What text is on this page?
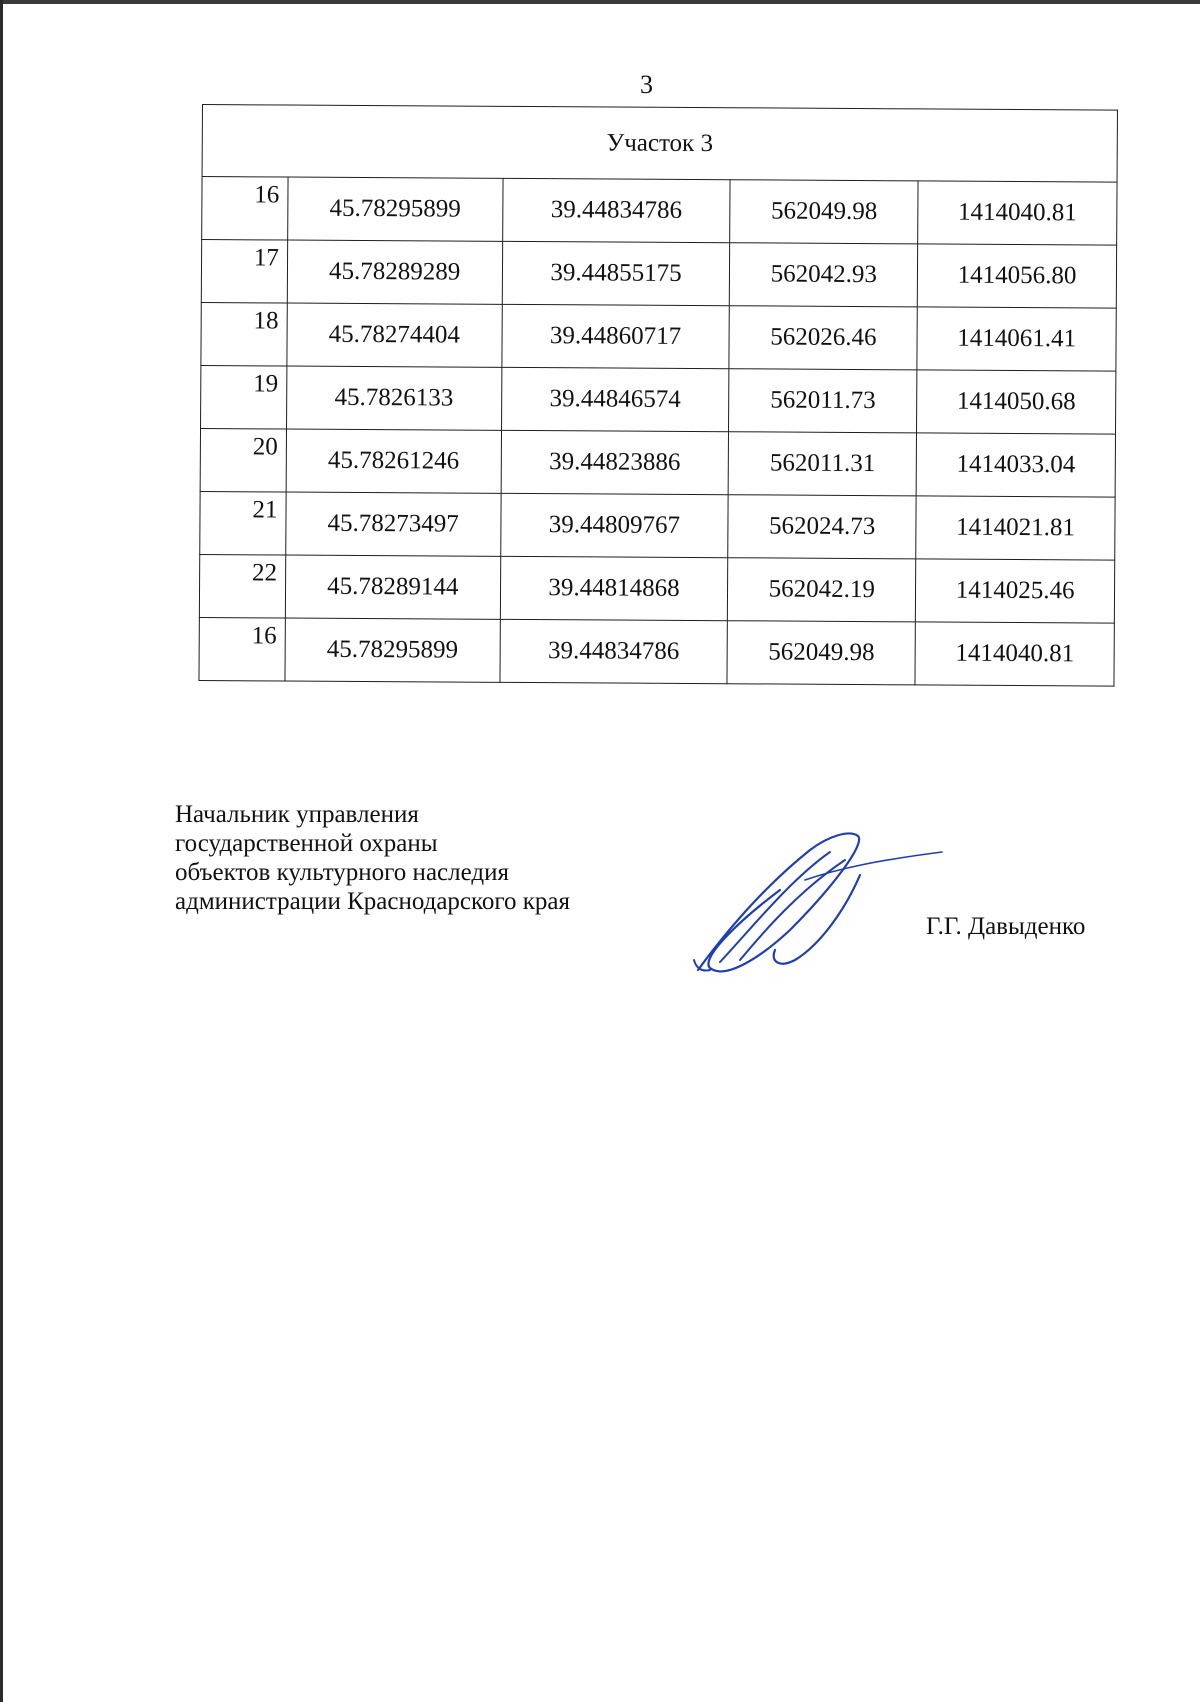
3
Участок 3				
16	45.78295899	39.44834786	562049.98	1414040.81
17	45.78289289	39.44855175	562042.93	1414056.80
18	45.78274404	39.44860717	562026.46	1414061.41
19	45.7826133	39.44846574	562011.73	1414050.68
20	45.78261246	39.44823886	562011.31	1414033.04
21	45.78273497	39.44809767	562024.73	1414021.81
22	45.78289144	39.44814868	562042.19	1414025.46
16	45.78295899	39.44834786	562049.98	1414040.81
Начальник управления
государственной охраны
объектов культурного наследия
администрации Краснодарского края
Г.Г. Давыденко
